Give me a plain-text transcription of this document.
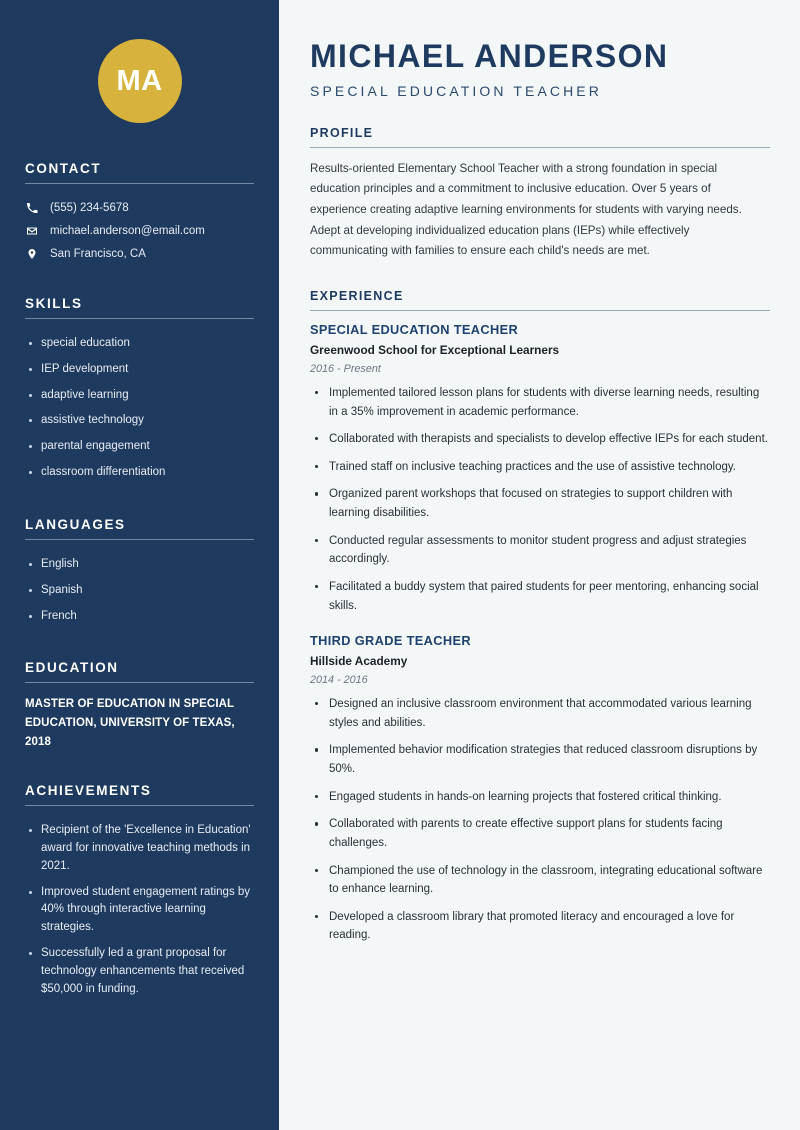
MA
CONTACT
(555) 234-5678
michael.anderson@email.com
San Francisco, CA
SKILLS
special education
IEP development
adaptive learning
assistive technology
parental engagement
classroom differentiation
LANGUAGES
English
Spanish
French
EDUCATION
MASTER OF EDUCATION IN SPECIAL EDUCATION, UNIVERSITY OF TEXAS, 2018
ACHIEVEMENTS
Recipient of the 'Excellence in Education' award for innovative teaching methods in 2021.
Improved student engagement ratings by 40% through interactive learning strategies.
Successfully led a grant proposal for technology enhancements that received $50,000 in funding.
MICHAEL ANDERSON
SPECIAL EDUCATION TEACHER
PROFILE

Results-oriented Elementary School Teacher with a strong foundation in special education principles and a commitment to inclusive education. Over 5 years of experience creating adaptive learning environments for students with varying needs. Adept at developing individualized education plans (IEPs) while effectively communicating with families to ensure each child's needs are met.

EXPERIENCE
SPECIAL EDUCATION TEACHER
Greenwood School for Exceptional Learners
2016 - Present
Implemented tailored lesson plans for students with diverse learning needs, resulting in a 35% improvement in academic performance.
Collaborated with therapists and specialists to develop effective IEPs for each student.
Trained staff on inclusive teaching practices and the use of assistive technology.
Organized parent workshops that focused on strategies to support children with learning disabilities.
Conducted regular assessments to monitor student progress and adjust strategies accordingly.
Facilitated a buddy system that paired students for peer mentoring, enhancing social skills.
THIRD GRADE TEACHER
Hillside Academy
2014 - 2016
Designed an inclusive classroom environment that accommodated various learning styles and abilities.
Implemented behavior modification strategies that reduced classroom disruptions by 50%.
Engaged students in hands-on learning projects that fostered critical thinking.
Collaborated with parents to create effective support plans for students facing challenges.
Championed the use of technology in the classroom, integrating educational software to enhance learning.
Developed a classroom library that promoted literacy and encouraged a love for reading.
